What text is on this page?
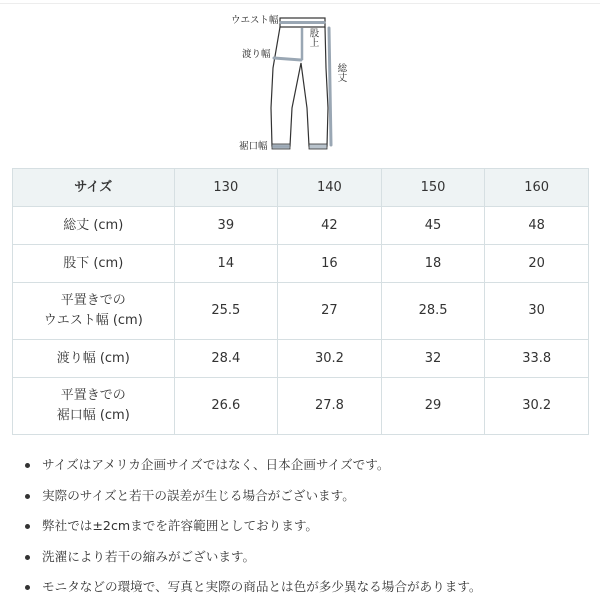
ウエスト幅
股上
渡り幅
総丈
裾口幅
サイズ	130	140	150	160

総丈 (cm)	39	42	45	48

股下 (cm)	14	16	18	20

平置きでの
ウエスト幅 (cm)	25.5	27	28.5	30

渡り幅 (cm)	28.4	30.2	32	33.8

平置きでの
裾口幅 (cm)	26.6	27.8	29	30.2
サイズはアメリカ企画サイズではなく、日本企画サイズです。
実際のサイズと若干の誤差が生じる場合がございます。
弊社では±2cmまでを許容範囲としております。
洗濯により若干の縮みがございます。
モニタなどの環境で、写真と実際の商品とは色が多少異なる場合があります。
